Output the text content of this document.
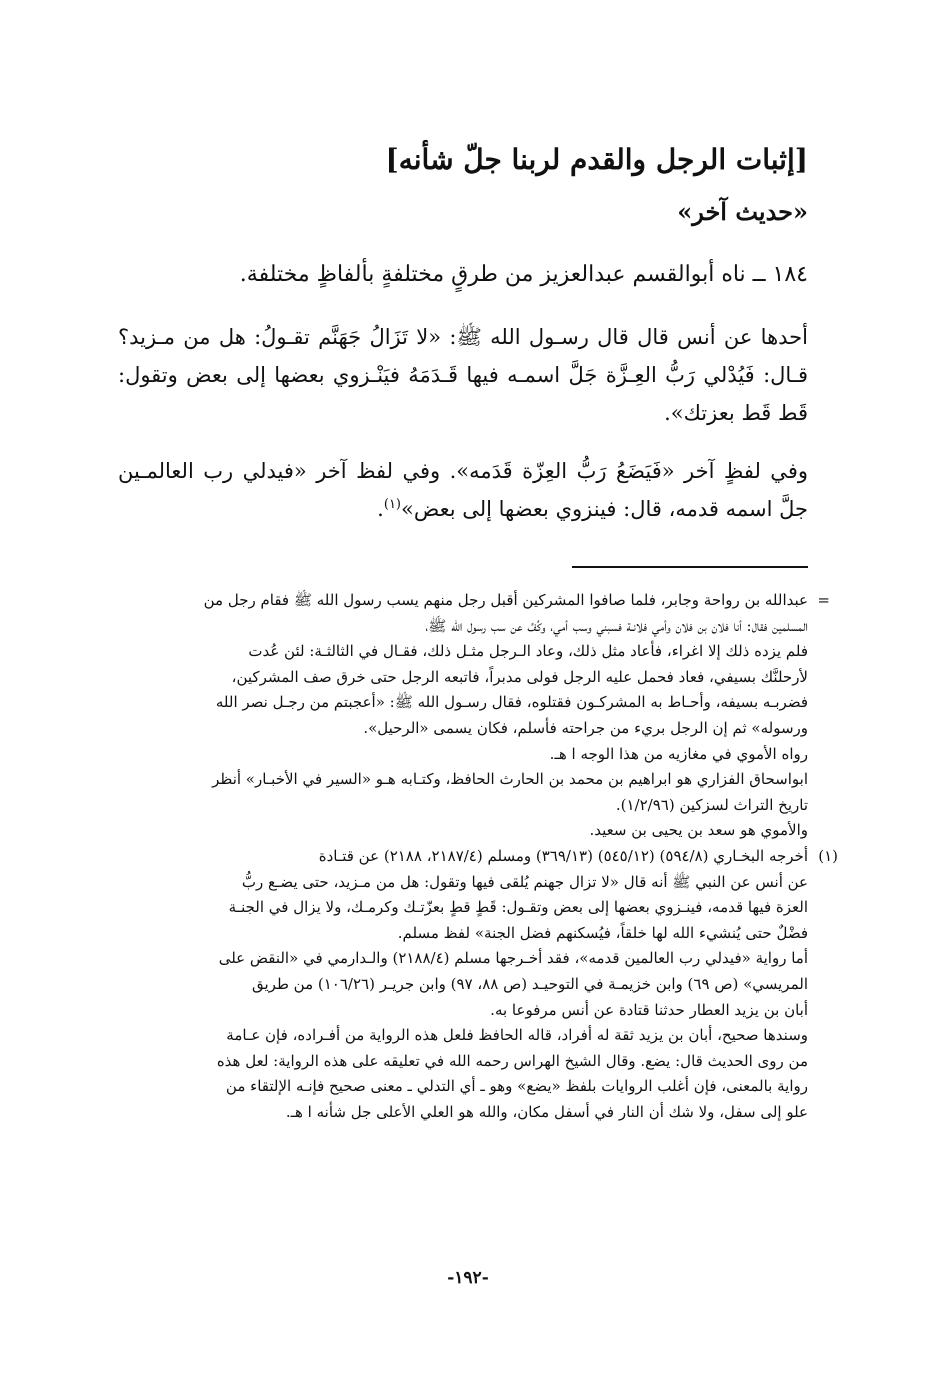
[إثبات الرجل والقدم لربنا جلّ شأنه]
«حديث آخر»
١٨٤ ــ ناه أبوالقسم عبدالعزيز من طرقٍ مختلفةٍ بألفاظٍ مختلفة.
أحدها عن أنس قال قال رسـول الله ﷺ: «لا تَزَالُ جَهَنَّم تقـولُ: هل من مـزيد؟ قـال: فَيُدْلي رَبُّ العِـزَّة جَلَّ اسمـه فيها قَـدَمَهُ فيَنْـزوي بعضها إلى بعض وتقول: قَط قَط بعزتك».
وفي لفظٍ آخر «فَيَضَعُ رَبُّ العِزّة قَدَمه». وفي لفظ آخر «فيدلي رب العالمـين جلَّ اسمه قدمه، قال: فينزوي بعضها إلى بعض»$^{(١)}$.
=

عبدالله بن رواحة وجابر، فلما صافوا المشركين أقبل رجل منهم يسب رسول الله ﷺ فقام رجل من

المسلمين فقال: أنا فلان بن فلان وأمي فلانـة فسبني وسب أمي، وكُفَّ عن سب رسول الله ﷺ،

فلم يزده ذلك إلا اغراء، فأعاد مثل ذلك، وعاد الـرجل مثـل ذلك، فقـال في الثالثـة: لئن عُدت

لأرحلنَّك بسيفي، فعاد فحمل عليه الرجل فولى مدبراً، فاتبعه الرجل حتى خرق صف المشركين،

فضربـه بسيفه، وأحـاط به المشركـون فقتلوه، فقال رسـول الله ﷺ: «أعجبتم من رجـل نصر الله

ورسوله» ثم إن الرجل بريء من جراحته فأسلم، فكان يسمى «الرحيل».

رواه الأموي في مغازيه من هذا الوجه ا هـ.

ابواسحاق الفزاري هو ابراهيم بن محمد بن الحارث الحافظ، وكتـابه هـو «السير في الأخبـار» أنظر

تاريخ التراث لسزكين (١/٢/٩٦).

والأموي هو سعد بن يحيى بن سعيد.

(١)

أخرجه البخـاري (٥٩٤/٨) (٥٤٥/١٢) (٣٦٩/١٣) ومسلم (٢١٨٧/٤، ٢١٨٨) عن قتـادة

عن أنس عن النبي ﷺ أنه قال «لا تزال جهنم يُلقى فيها وتقول: هل من مـزيد، حتى يضـع ربُّ

العزة فيها قدمه، فينـزوي بعضها إلى بعض وتقـول: قَطٍ قطٍ بعزّتـك وكرمـك، ولا يزال في الجنـة

فضْلٌ حتى يُنشيء الله لها خلقاً، فيُسكنهم فضل الجنة» لفظ مسلم.

أما رواية «فيدلي رب العالمين قدمه»، فقد أخـرجها مسلم (٢١٨٨/٤) والـدارمي في «النقض على

المريسي» (ص ٦٩) وابن خزيمـة في التوحيـد (ص ٨٨، ٩٧) وابن جريـر (١٠٦/٢٦) من طريق

أبان بن يزيد العطار حدثنا قتادة عن أنس مرفوعا به.

وسندها صحيح، أبان بن يزيد ثقة له أفراد، قاله الحافظ فلعل هذه الرواية من أفـراده، فإن عـامة

من روى الحديث قال: يضع. وقال الشيخ الهراس رحمه الله في تعليقه على هذه الرواية: لعل هذه

رواية بالمعنى، فإن أغلب الروايات بلفظ «يضع» وهو ـ أي التدلي ـ معنى صحيح فإنـه الإلتقاء من

علو إلى سفل، ولا شك أن النار في أسفل مكان، والله هو العلي الأعلى جل شأنه ا هـ.

-١٩٢-
